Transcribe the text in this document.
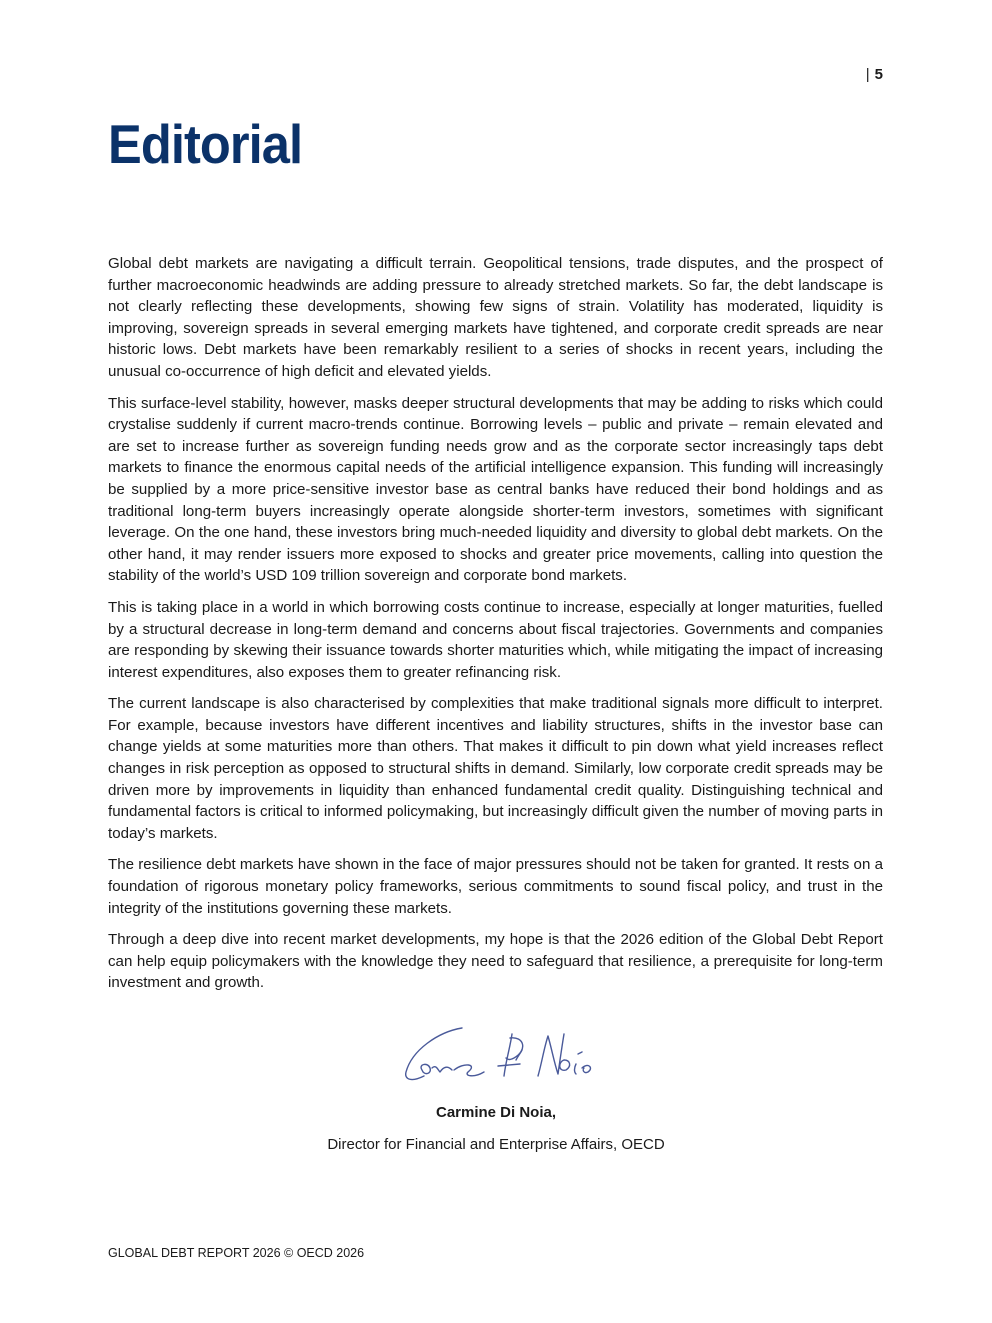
| 5
Editorial

Global debt markets are navigating a difficult terrain. Geopolitical tensions, trade disputes, and the prospect of further macroeconomic headwinds are adding pressure to already stretched markets. So far, the debt landscape is not clearly reflecting these developments, showing few signs of strain. Volatility has moderated, liquidity is improving, sovereign spreads in several emerging markets have tightened, and corporate credit spreads are near historic lows. Debt markets have been remarkably resilient to a series of shocks in recent years, including the unusual co-occurrence of high deficit and elevated yields.

This surface-level stability, however, masks deeper structural developments that may be adding to risks which could crystalise suddenly if current macro-trends continue. Borrowing levels – public and private – remain elevated and are set to increase further as sovereign funding needs grow and as the corporate sector increasingly taps debt markets to finance the enormous capital needs of the artificial intelligence expansion. This funding will increasingly be supplied by a more price-sensitive investor base as central banks have reduced their bond holdings and as traditional long-term buyers increasingly operate alongside shorter-term investors, sometimes with significant leverage. On the one hand, these investors bring much-needed liquidity and diversity to global debt markets. On the other hand, it may render issuers more exposed to shocks and greater price movements, calling into question the stability of the world’s USD 109 trillion sovereign and corporate bond markets.

This is taking place in a world in which borrowing costs continue to increase, especially at longer maturities, fuelled by a structural decrease in long-term demand and concerns about fiscal trajectories. Governments and companies are responding by skewing their issuance towards shorter maturities which, while mitigating the impact of increasing interest expenditures, also exposes them to greater refinancing risk.

The current landscape is also characterised by complexities that make traditional signals more difficult to interpret. For example, because investors have different incentives and liability structures, shifts in the investor base can change yields at some maturities more than others. That makes it difficult to pin down what yield increases reflect changes in risk perception as opposed to structural shifts in demand. Similarly, low corporate credit spreads may be driven more by improvements in liquidity than enhanced fundamental credit quality. Distinguishing technical and fundamental factors is critical to informed policymaking, but increasingly difficult given the number of moving parts in today’s markets.

The resilience debt markets have shown in the face of major pressures should not be taken for granted. It rests on a foundation of rigorous monetary policy frameworks, serious commitments to sound fiscal policy, and trust in the integrity of the institutions governing these markets.

Through a deep dive into recent market developments, my hope is that the 2026 edition of the Global Debt Report can help equip policymakers with the knowledge they need to safeguard that resilience, a prerequisite for long-term investment and growth.

Carmine Di Noia,
Director for Financial and Enterprise Affairs, OECD
GLOBAL DEBT REPORT 2026 © OECD 2026
